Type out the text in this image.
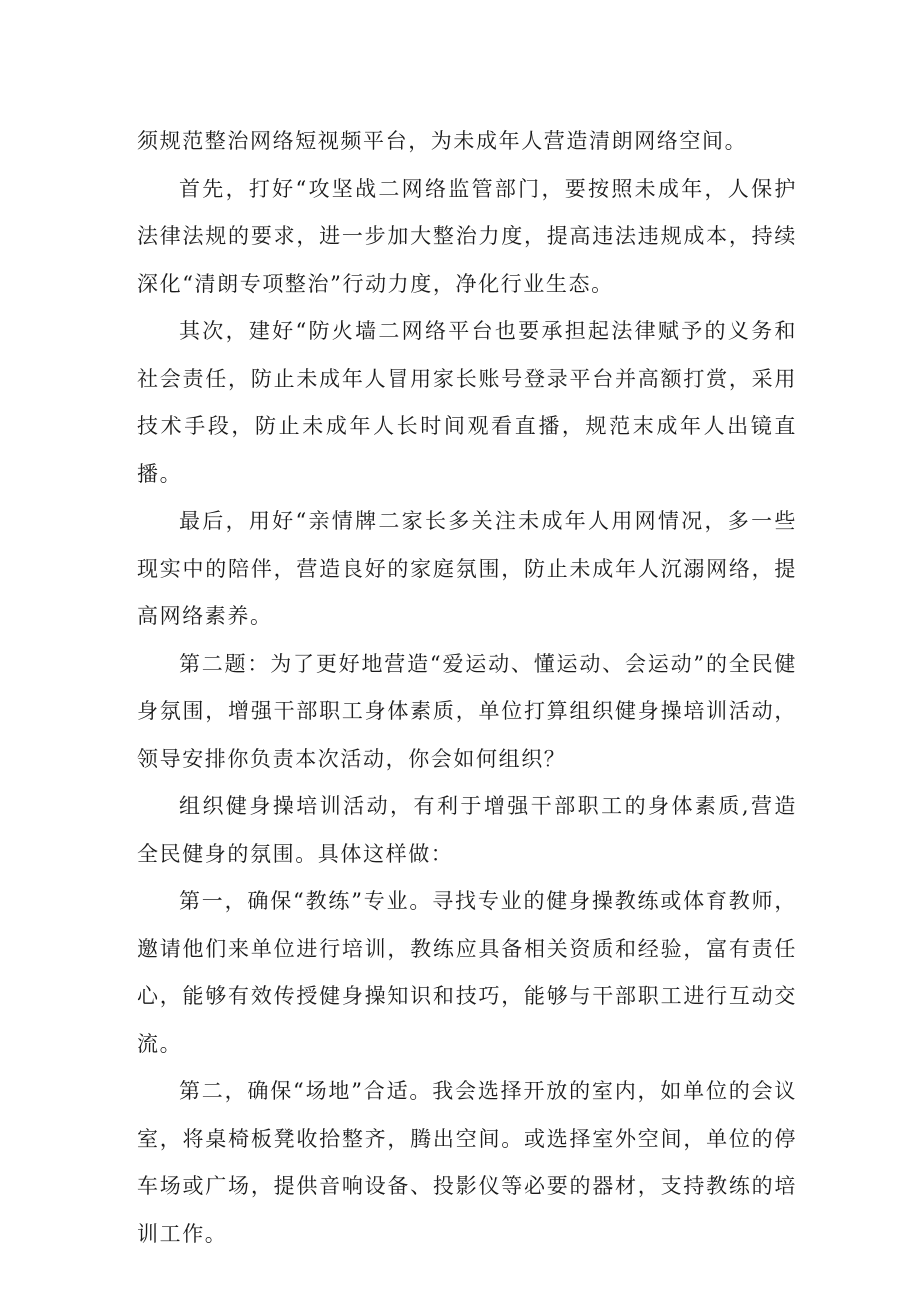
须规范整治网络短视频平台，为未成年人营造清朗网络空间。

首先，打好“攻坚战二网络监管部门，要按照未成年，人保护法律法规的要求，进一步加大整治力度，提高违法违规成本，持续深化“清朗专项整治”行动力度，净化行业生态。

其次，建好“防火墙二网络平台也要承担起法律赋予的义务和社会责任，防止未成年人冒用家长账号登录平台并高额打赏，采用技术手段，防止未成年人长时间观看直播，规范末成年人出镜直播。

最后，用好“亲情牌二家长多关注未成年人用网情况，多一些现实中的陪伴，营造良好的家庭氛围，防止未成年人沉溺网络，提高网络素养。

第二题：为了更好地营造“爱运动、懂运动、会运动”的全民健身氛围，增强干部职工身体素质，单位打算组织健身操培训活动，领导安排你负责本次活动，你会如何组织？

组织健身操培训活动，有利于增强干部职工的身体素质,营造全民健身的氛围。具体这样做：

第一，确保“教练”专业。寻找专业的健身操教练或体育教师，邀请他们来单位进行培训，教练应具备相关资质和经验，富有责任心，能够有效传授健身操知识和技巧，能够与干部职工进行互动交流。

第二，确保“场地”合适。我会选择开放的室内，如单位的会议室，将桌椅板凳收拾整齐，腾出空间。或选择室外空间，单位的停车场或广场，提供音响设备、投影仪等必要的器材，支持教练的培训工作。
